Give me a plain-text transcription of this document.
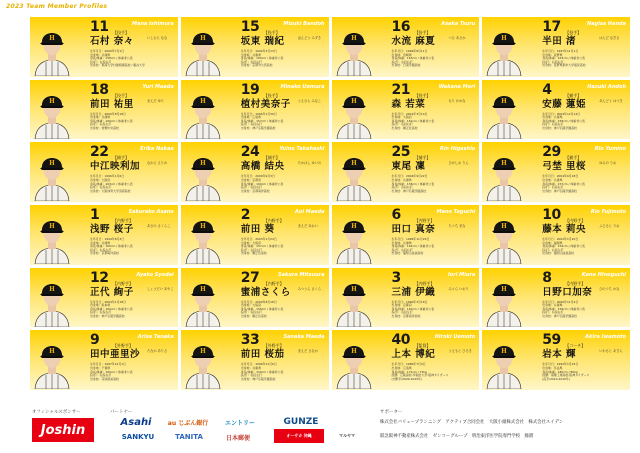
2023 Team Member Profiles
H
11	Mana Ishimura
【投手】
石村 奈々	いしむら なな
生年月日：2000年7月1日
出身地：兵庫県
身長/体重：158cm / 体重非公表
投/打：右投右打
出身校：東海大学付属相模高校 / 龍谷大学
H
15	Mizuki Bandoh
【投手】
坂東 瑞紀	ばんどう みずき
生年月日：1994年3月13日
出身地：兵庫県
身長/体重：160cm / 体重非公表
投/打：右投右打
出身校：京都外大西高校
H
16	Asaka Tsuru
【投手】
水流 麻夏	つる あさか
生年月日：1999年8月11日
出身地：宮崎県
身長/体重：163cm / 体重非公表
投/打：右投右打
出身校：日南学園高校
H
17	Nagisa Handa
【投手】
半田 渚	はんだ なぎさ
生年月日：1997年11月1日
出身地：長野県
身長/体重：163cm / 体重非公表
投/打：右投右打
出身校：長野県都市大学塩尻高校
H
18	Yuri Maeda
【投手】
前田 祐里	まえだ ゆり
生年月日：2000年8月18日
出身地：兵庫県
身長/体重：160cm / 体重非公表
投/打：右投左打
出身校：倉敷中央高校
H
19	Minako Uemura
【投手】
植村美奈子 うえむら みなこ
生年月日：1995年1月30日
出身地：広島県
身長/体重：157cm / 体重非公表
投/打：右投右打
出身校：神戸弘陵学園高校
H
21	Wakana Mori
【投手】
森 若菜	もり わかな
生年月日：2001年3月10日
出身地：大阪府
身長/体重：162cm / 体重非公表
投/打：右投右打
出身校：履正社高校
H
4	Hazuki Andoh
【捕手】
安藤 蓮姫	あんどう はづき
生年月日：2004年12月14日
出身地：兵庫県
身長/体重：158cm / 体重非公表
投/打：右投右打
出身校：神戸弘陵学園高校
H
22	Erika Nakae
【捕手】
中江映利加 なかえ えりか
生年月日：1996年1月6日
出身地：大阪府
身長/体重：163cm / 体重非公表
投/打：右投右打
出身校：大阪体育大学浪商高校
H
24	Yuino Takahashi
【捕手】
高橋 結央	たかはし ゆいの
生年月日：2000年9月3日
出身地：京都府
身長/体重：160cm / 体重非公表
投/打：右投右打
出身校：京都両洋高校
H
25	Rin Higashio
【捕手】
東尾 凜	ひがしお りん
生年月日：2004年9月22日
出身地：兵庫県
身長/体重：158cm / 体重非公表
投/打：右投右打
出身校：神戸弘陵学園高校
H
29	Rio Yumino
【捕手】
弓埜 里桜	ゆみの りお
生年月日：2004年6月18日
出身地：兵庫県
身長/体重：157cm / 体重非公表
投/打：右投右打
出身校：神戸弘陵学園高校
H
1	Sakurako Asano
【内野手】
浅野 桜子	あさの さくらこ
生年月日：1994年8月3日
出身地：兵庫県
身長/体重：160cm / 体重非公表
投/打：右投右打
出身校：京都両洋高校
H
2	Aoi Maeda
【内野手】
前田 葵	まえだ あおい
生年月日：2003年1月24日
出身地：大阪府
身長/体重：157cm / 体重非公表
投/打：右投右打
出身校：履正社高校
H
6	Mano Taguchi
【内野手】
田口 真奈	たぐち まな
生年月日：1996年11月29日
出身地：兵庫県
身長/体重：162cm / 体重非公表
投/打：右投右打
出身校：福知山成美高校
H
10	Rio Fujimoto
【内野手】
藤本 莉央	ふじもと りお
生年月日：2002年1月20日
出身地：福岡県
身長/体重：159cm / 体重非公表
投/打：右投左打
出身校：福知山成美高校
H
12	Ayako Syodai
【内野手】
正代 絢子	しょうだい あやこ
生年月日：2004年1月18日
出身地：熊本県
身長/体重：160cm / 体重非公表
投/打：右投右打
出身校：神戸弘陵学園高校
H
27	Sakura Mitsuura
【内野手】
蜜浦さくら みつうら さくら
生年月日：2000年8月18日
出身地：大阪府
身長/体重：158cm / 体重非公表
投/打：右投右打
出身校：履正社高校
H
3	Iori Miura
【内野手】
三浦 伊織	みうら いおり
生年月日：1990年3月18日
出身地：京都府
身長/体重：160cm / 体重非公表
投/打：右投左打
出身校：京都両洋高校
H
8	Kana Hinoguchi
【内野手】
日野口加奈 ひのぐち かな
生年月日：2000年11月4日
出身地：兵庫県
身長/体重：158cm / 体重非公表
投/打：右投右打
出身校：神戸弘陵学園高校
H
9	Arisa Tanaka
【外野手】
田中亜里沙 たなか ありさ
生年月日：1997年12月1日
出身地：千葉県
身長/体重：160cm / 体重非公表
投/打：右投右打
出身校：花咲徳栄高校
H
33	Sanaka Maeda
【外野手】
前田 桜茄	まえだ さなか
生年月日：1996年11月6日
出身地：兵庫県
身長/体重：159cm / 体重非公表
投/打：右投左打
出身校：神戸弘陵学園高校
H
40	Hiroki Uemoto
【監督】
上本 博紀	うえもと ひろき
生年月日：1986年7月4日
出身地：広島県
身長/体重：172cm / 73kg
経歴：広陵高校-早稲田大学-阪神タイガース
(内野手/2009-2020年)
H
59	Akira Iwamoto
【コーチ】
岩本 輝	いわもと あきら
生年月日：1992年1月25日
出身地：奈良県
身長/体重：180cm / 80kg
経歴：南陽工業高校-阪神タイガース
(投手/2010-2020年)
オフィシャルスポンサー	パートナー	サポーター
Joshin
Asahi
SANKYU
au じぶん銀行
TANITA
エントリー
日本郵便
GUNZE
オーサカ 沖縄	マルヤマ
株式会社バリュープランニング　アクティブ合同会社　大阪小頭株式会社　株式会社スイデン
阪急阪神不動産株式会社　ゼンコーグループ　明治東洋医学院専門学校　綠園
